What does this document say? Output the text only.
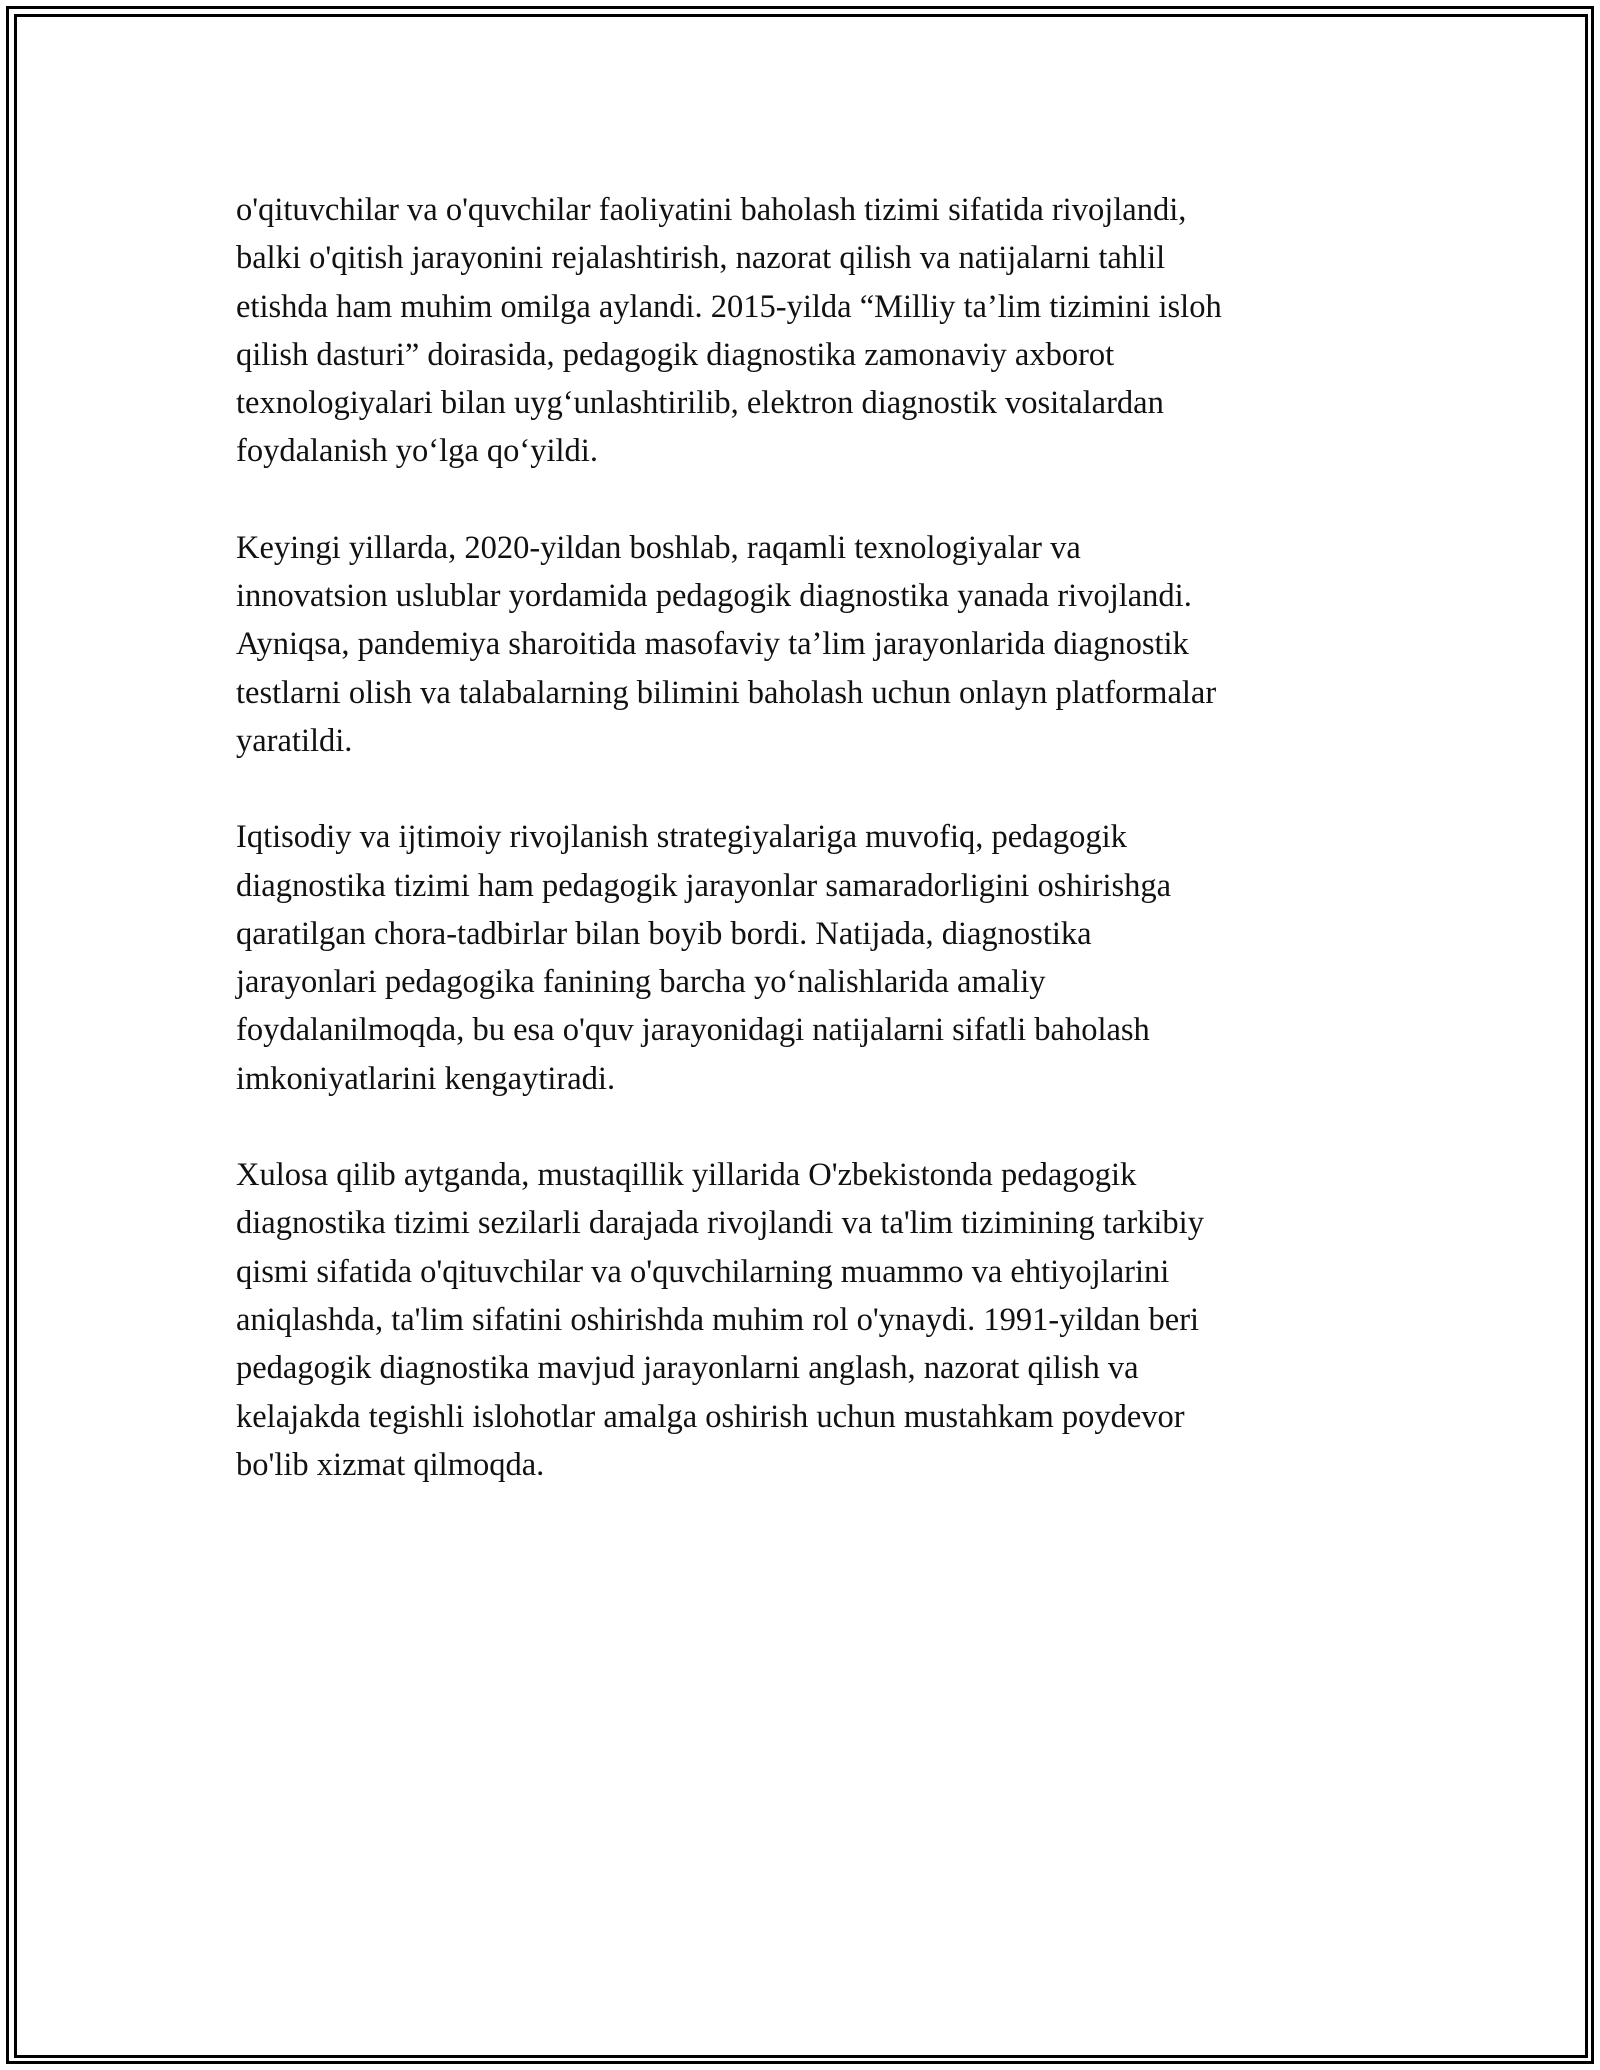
o'qituvchilar va o'quvchilar faoliyatini baholash tizimi sifatida rivojlandi,
balki o'qitish jarayonini rejalashtirish, nazorat qilish va natijalarni tahlil
etishda ham muhim omilga aylandi. 2015-yilda “Milliy ta’lim tizimini isloh
qilish dasturi” doirasida, pedagogik diagnostika zamonaviy axborot
texnologiyalari bilan uyg‘unlashtirilib, elektron diagnostik vositalardan
foydalanish yo‘lga qo‘yildi.

Keyingi yillarda, 2020-yildan boshlab, raqamli texnologiyalar va
innovatsion uslublar yordamida pedagogik diagnostika yanada rivojlandi.
Ayniqsa, pandemiya sharoitida masofaviy ta’lim jarayonlarida diagnostik
testlarni olish va talabalarning bilimini baholash uchun onlayn platformalar
yaratildi.

Iqtisodiy va ijtimoiy rivojlanish strategiyalariga muvofiq, pedagogik
diagnostika tizimi ham pedagogik jarayonlar samaradorligini oshirishga
qaratilgan chora-tadbirlar bilan boyib bordi. Natijada, diagnostika
jarayonlari pedagogika fanining barcha yo‘nalishlarida amaliy
foydalanilmoqda, bu esa o'quv jarayonidagi natijalarni sifatli baholash
imkoniyatlarini kengaytiradi.

Xulosa qilib aytganda, mustaqillik yillarida O'zbekistonda pedagogik
diagnostika tizimi sezilarli darajada rivojlandi va ta'lim tizimining tarkibiy
qismi sifatida o'qituvchilar va o'quvchilarning muammo va ehtiyojlarini
aniqlashda, ta'lim sifatini oshirishda muhim rol o'ynaydi. 1991-yildan beri
pedagogik diagnostika mavjud jarayonlarni anglash, nazorat qilish va
kelajakda tegishli islohotlar amalga oshirish uchun mustahkam poydevor
bo'lib xizmat qilmoqda.
